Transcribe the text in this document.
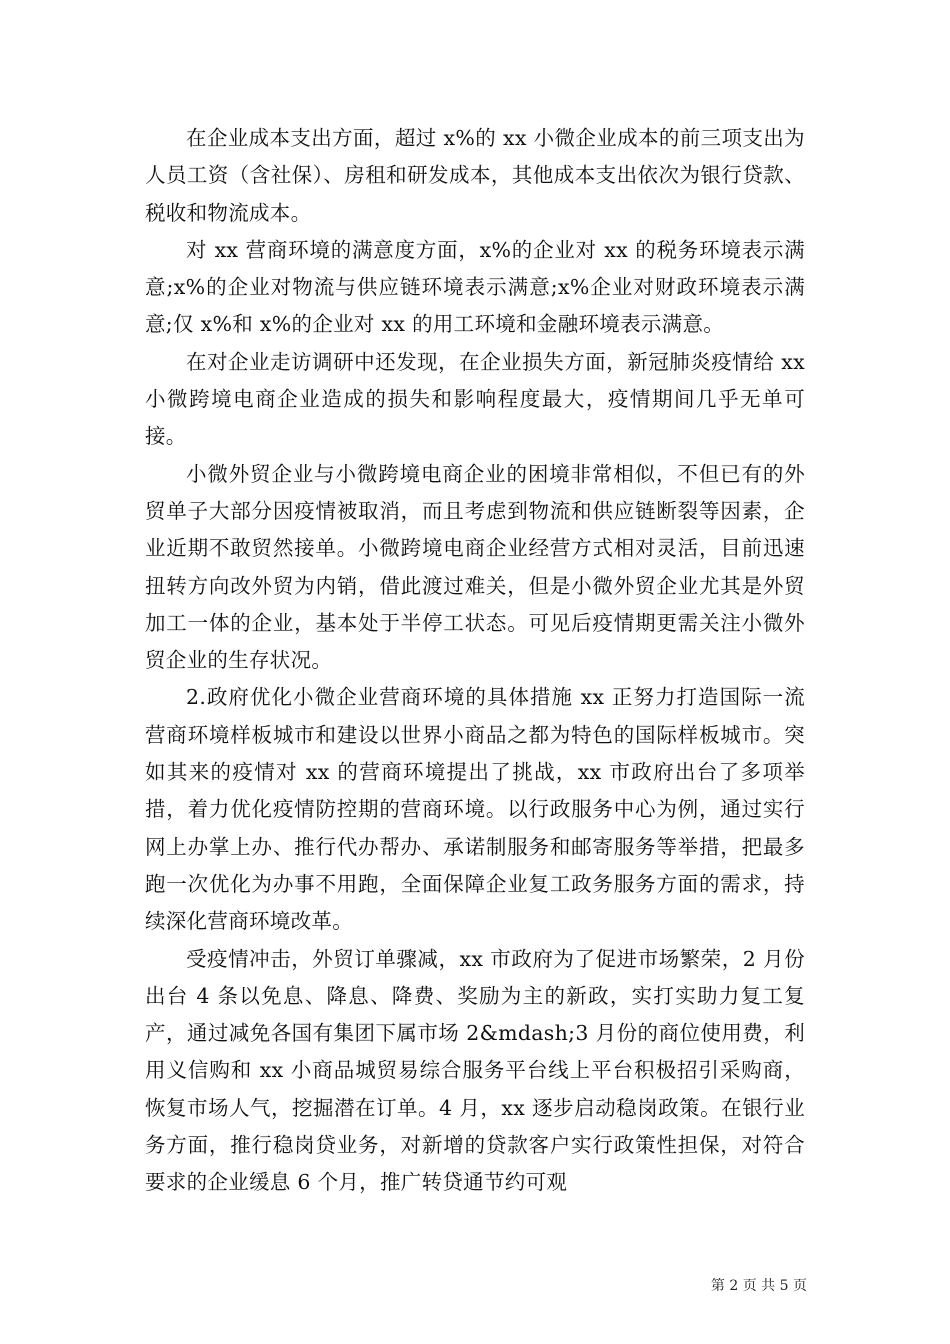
在企业成本支出方面，超过 x%的 xx 小微企业成本的前三项支出为人员工资（含社保）、房租和研发成本，其他成本支出依次为银行贷款、税收和物流成本。

对 xx 营商环境的满意度方面，x%的企业对 xx 的税务环境表示满意;x%的企业对物流与供应链环境表示满意;x%企业对财政环境表示满意;仅 x%和 x%的企业对 xx 的用工环境和金融环境表示满意。

在对企业走访调研中还发现，在企业损失方面，新冠肺炎疫情给 xx 小微跨境电商企业造成的损失和影响程度最大，疫情期间几乎无单可接。

小微外贸企业与小微跨境电商企业的困境非常相似，不但已有的外贸单子大部分因疫情被取消，而且考虑到物流和供应链断裂等因素，企业近期不敢贸然接单。小微跨境电商企业经营方式相对灵活，目前迅速扭转方向改外贸为内销，借此渡过难关，但是小微外贸企业尤其是外贸加工一体的企业，基本处于半停工状态。可见后疫情期更需关注小微外贸企业的生存状况。

2.政府优化小微企业营商环境的具体措施 xx 正努力打造国际一流营商环境样板城市和建设以世界小商品之都为特色的国际样板城市。突如其来的疫情对 xx 的营商环境提出了挑战，xx 市政府出台了多项举措，着力优化疫情防控期的营商环境。以行政服务中心为例，通过实行网上办掌上办、推行代办帮办、承诺制服务和邮寄服务等举措，把最多跑一次优化为办事不用跑，全面保障企业复工政务服务方面的需求，持续深化营商环境改革。

受疫情冲击，外贸订单骤减，xx 市政府为了促进市场繁荣，2 月份出台 4 条以免息、降息、降费、奖励为主的新政，实打实助力复工复产，通过减免各国有集团下属市场 2&mdash;3 月份的商位使用费，利用义信购和 xx 小商品城贸易综合服务平台线上平台积极招引采购商，恢复市场人气，挖掘潜在订单。4 月，xx 逐步启动稳岗政策。在银行业务方面，推行稳岗贷业务，对新增的贷款客户实行政策性担保，对符合要求的企业缓息 6 个月，推广转贷通节约可观

第 2 页 共 5 页
